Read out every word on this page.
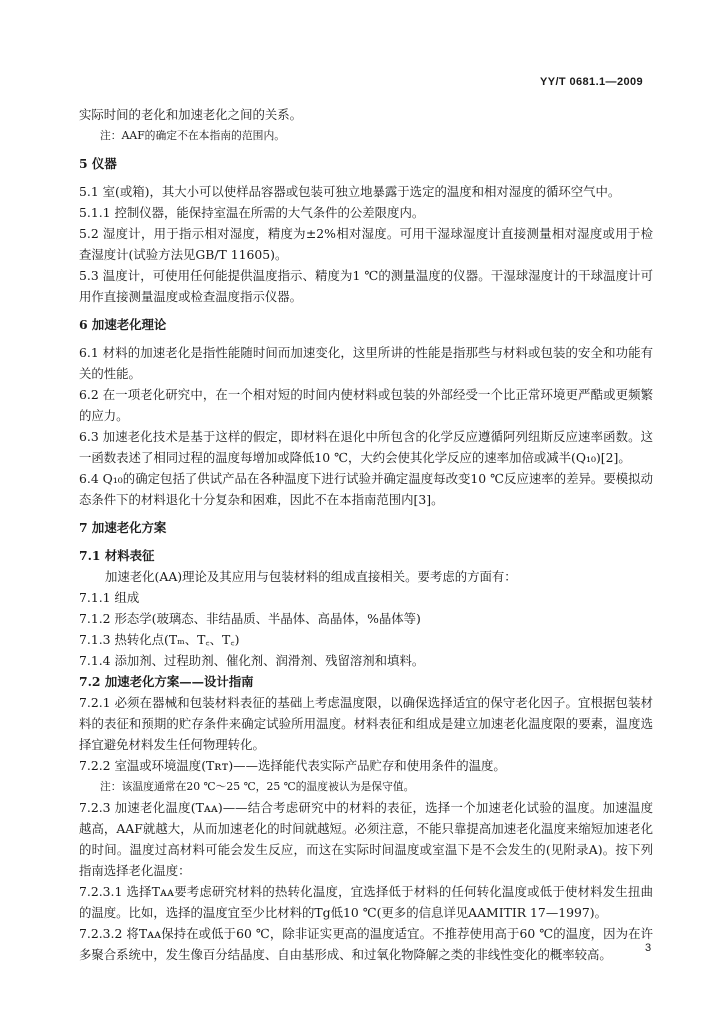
YY/T 0681.1—2009
实际时间的老化和加速老化之间的关系。
注：AAF的确定不在本指南的范围内。
5 仪器
5.1 室(或箱)，其大小可以使样品容器或包装可独立地暴露于选定的温度和相对湿度的循环空气中。
5.1.1 控制仪器，能保持室温在所需的大气条件的公差限度内。
5.2 湿度计，用于指示相对湿度，精度为±2%相对湿度。可用干湿球湿度计直接测量相对湿度或用于检查湿度计(试验方法见GB/T 11605)。
5.3 温度计，可使用任何能提供温度指示、精度为1 ℃的测量温度的仪器。干湿球湿度计的干球温度计可用作直接测量温度或检查温度指示仪器。
6 加速老化理论
6.1 材料的加速老化是指性能随时间而加速变化，这里所讲的性能是指那些与材料或包装的安全和功能有关的性能。
6.2 在一项老化研究中，在一个相对短的时间内使材料或包装的外部经受一个比正常环境更严酷或更频繁的应力。
6.3 加速老化技术是基于这样的假定，即材料在退化中所包含的化学反应遵循阿列纽斯反应速率函数。这一函数表述了相同过程的温度每增加或降低10 ℃，大约会使其化学反应的速率加倍或减半(Q₁₀)[2]。
6.4 Q₁₀的确定包括了供试产品在各种温度下进行试验并确定温度每改变10 ℃反应速率的差异。要模拟动态条件下的材料退化十分复杂和困难，因此不在本指南范围内[3]。
7 加速老化方案
7.1 材料表征
加速老化(AA)理论及其应用与包装材料的组成直接相关。要考虑的方面有：
7.1.1 组成
7.1.2 形态学(玻璃态、非结晶质、半晶体、高晶体，%晶体等)
7.1.3 热转化点(Tₘ、T꜀、T꜀)
7.1.4 添加剂、过程助剂、催化剂、润滑剂、残留溶剂和填料。
7.2 加速老化方案——设计指南
7.2.1 必须在器械和包装材料表征的基础上考虑温度限，以确保选择适宜的保守老化因子。宜根据包装材料的表征和预期的贮存条件来确定试验所用温度。材料表征和组成是建立加速老化温度限的要素，温度选择宜避免材料发生任何物理转化。
7.2.2 室温或环境温度(Tʀᴛ)——选择能代表实际产品贮存和使用条件的温度。
注：该温度通常在20 ℃～25 ℃，25 ℃的温度被认为是保守值。
7.2.3 加速老化温度(Tᴀᴀ)——结合考虑研究中的材料的表征，选择一个加速老化试验的温度。加速温度越高，AAF就越大，从而加速老化的时间就越短。必须注意，不能只靠提高加速老化温度来缩短加速老化的时间。温度过高材料可能会发生反应，而这在实际时间温度或室温下是不会发生的(见附录A)。按下列指南选择老化温度：
7.2.3.1 选择Tᴀᴀ要考虑研究材料的热转化温度，宜选择低于材料的任何转化温度或低于使材料发生扭曲的温度。比如，选择的温度宜至少比材料的Tg低10 ℃(更多的信息详见AAMITIR 17—1997)。
7.2.3.2 将Tᴀᴀ保持在或低于60 ℃，除非证实更高的温度适宜。不推荐使用高于60 ℃的温度，因为在许多聚合系统中，发生像百分结晶度、自由基形成、和过氧化物降解之类的非线性变化的概率较高。	3
